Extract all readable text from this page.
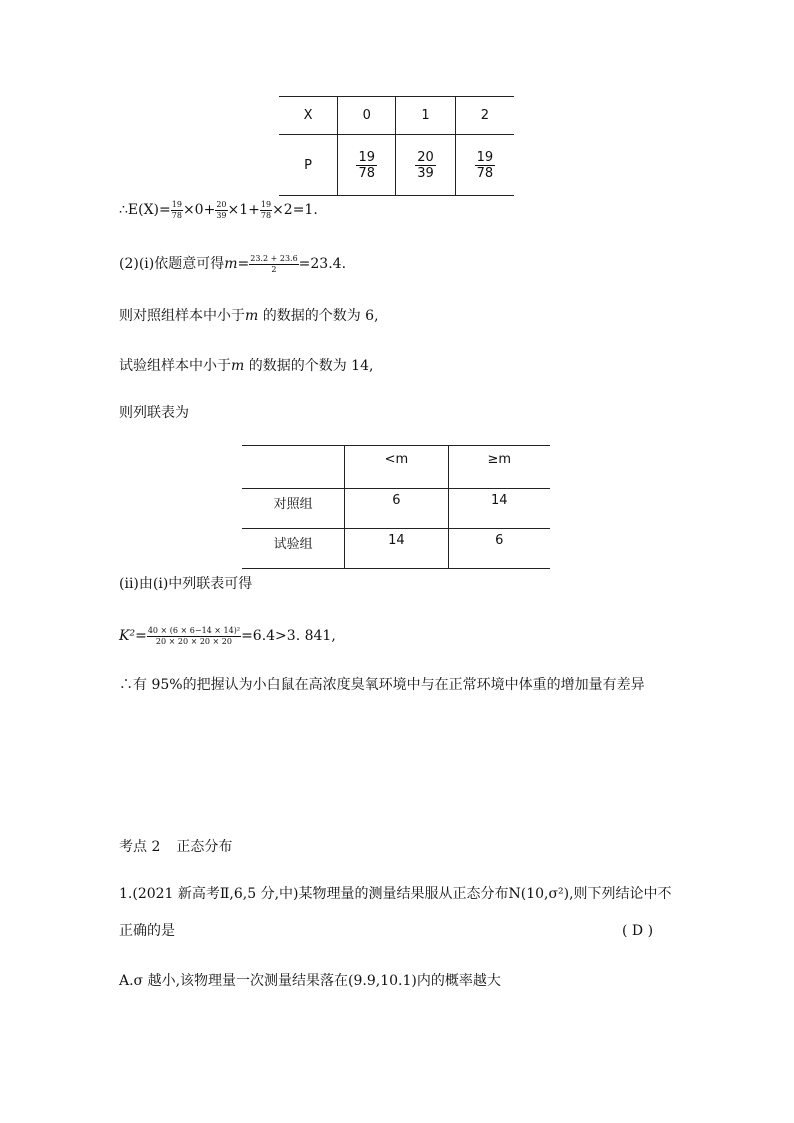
X	0	1	2
P	$\frac{19}{78}$	$\frac{20}{39}$	$\frac{19}{78}$
∴E(X)= $\frac{19}{78} \times 0+ \frac{20}{39} \times 1+ \frac{19}{78} \times 2=1$.
(2)(i)依题意可得$m= \frac{23.2 + 23.6}{2} =23.4$.
则对照组样本中小于m 的数据的个数为 6,
试验组样本中小于m 的数据的个数为 14,
则列联表为
	<m	≥m
对照组	6	14
试验组	14	6
(ii)由(i)中列联表可得
$K^2= \frac{\text{40 × (6 × 6−14 × 14)²}}{20 \times 20 \times 20 \times 20} =6.4>3$. 841,
∴有 95%的把握认为小白鼠在高浓度臭氧环境中与在正常环境中体重的增加量有差异
考点 2 正态分布
1.(2021 新高考Ⅱ,6,5 分,中)某物理量的测量结果服从正态分布N(10,σ²),则下列结论中不
正确的是	( D )
A.σ 越小,该物理量一次测量结果落在(9.9,10.1)内的概率越大
